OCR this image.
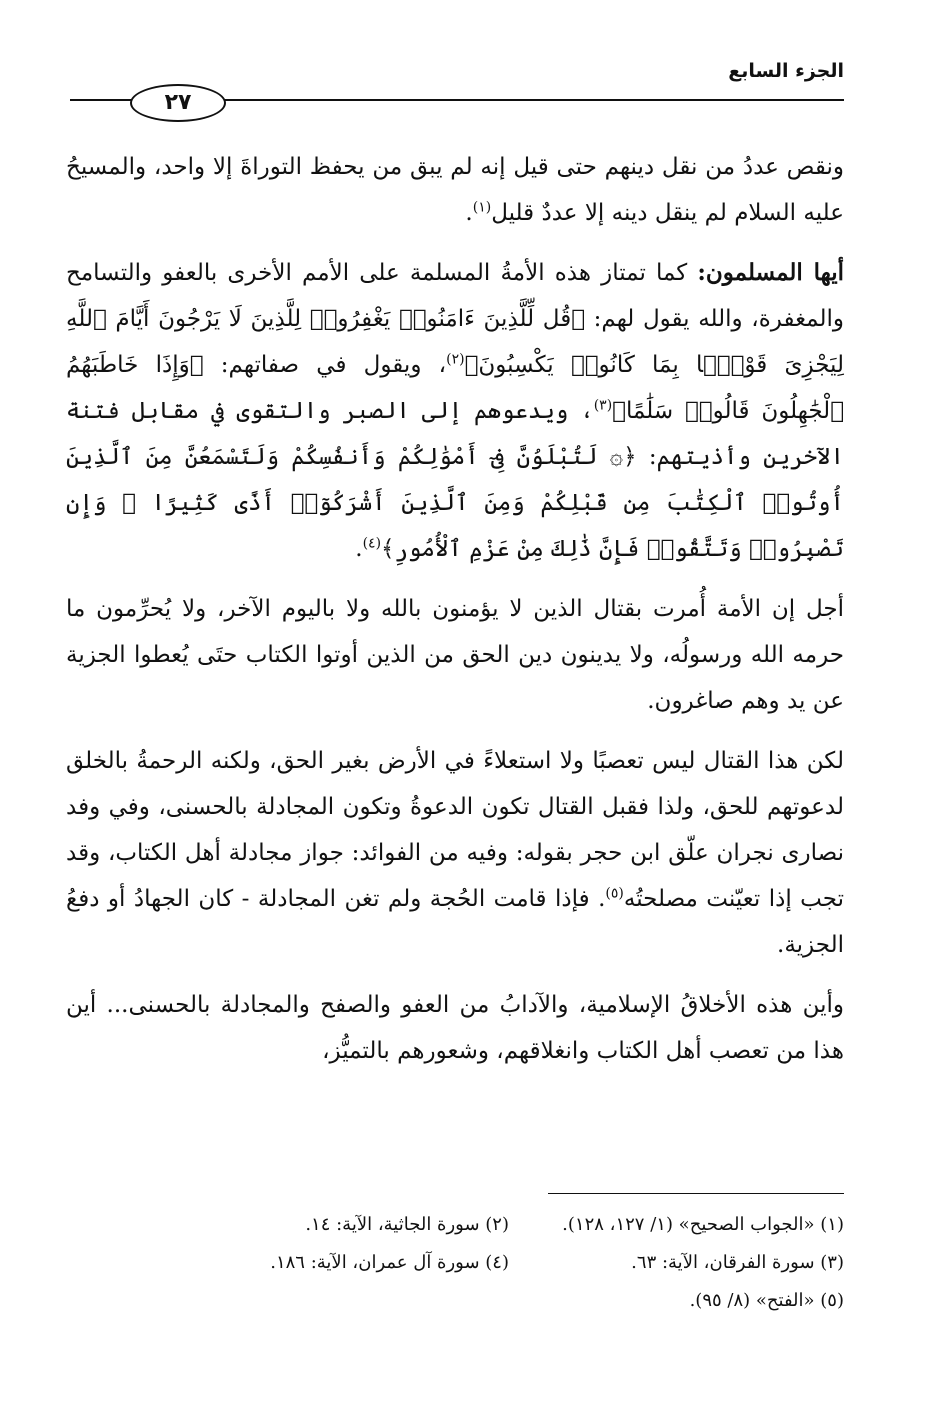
الجزء السابع
٢٧

ونقص عددُ من نقل دينهم حتى قيل إنه لم يبق من يحفظ التوراةَ إلا واحد، والمسيحُ عليه السلام لم ينقل دينه إلا عددٌ قليل$^{(١)}$.

أيها المسلمون: كما تمتاز هذه الأمةُ المسلمة على الأمم الأخرى بالعفو والتسامح والمغفرة، والله يقول لهم: ﴿قُل لِّلَّذِينَ ءَامَنُوا۟ يَغْفِرُوا۟ لِلَّذِينَ لَا يَرْجُونَ أَيَّامَ ٱللَّهِ لِيَجْزِىَ قَوْمًۢا بِمَا كَانُوا۟ يَكْسِبُونَ﴾$^{(٢)}$، ويقول في صفاتهم: ﴿وَإِذَا خَاطَبَهُمُ ٱلْجَٰهِلُونَ قَالُوا۟ سَلَٰمًا﴾$^{(٣)}$، ويدعوهم إلى الصبر والتقوى في مقابل فتنة الآخرين وأذيتهم: ﴿۞ لَتُبْلَوُنَّ فِىٓ أَمْوَٰلِكُمْ وَأَنفُسِكُمْ وَلَتَسْمَعُنَّ مِنَ ٱلَّذِينَ أُوتُوا۟ ٱلْكِتَٰبَ مِن قَبْلِكُمْ وَمِنَ ٱلَّذِينَ أَشْرَكُوٓا۟ أَذًى كَثِيرًا ۚ وَإِن تَصْبِرُوا۟ وَتَتَّقُوا۟ فَإِنَّ ذَٰلِكَ مِنْ عَزْمِ ٱلْأُمُورِ﴾$^{(٤)}$.

أجل إن الأمة أُمرت بقتال الذين لا يؤمنون بالله ولا باليوم الآخر، ولا يُحرِّمون ما حرمه الله ورسولُه، ولا يدينون دين الحق من الذين أوتوا الكتاب حتَى يُعطوا الجزية عن يد وهم صاغرون.

لكن هذا القتال ليس تعصبًا ولا استعلاءً في الأرض بغير الحق، ولكنه الرحمةُ بالخلق لدعوتهم للحق، ولذا فقبل القتال تكون الدعوةُ وتكون المجادلة بالحسنى، وفي وفد نصارى نجران علّق ابن حجر بقوله: وفيه من الفوائد: جواز مجادلة أهل الكتاب، وقد تجب إذا تعيّنت مصلحتُه$^{(٥)}$. فإذا قامت الحُجة ولم تغن المجادلة - كان الجهادُ أو دفعُ الجزية.

وأين هذه الأخلاقُ الإسلامية، والآدابُ من العفو والصفح والمجادلة بالحسنى... أين هذا من تعصب أهل الكتاب وانغلاقهم، وشعورهم بالتميُّز،

(١) «الجواب الصحيح» (١/ ١٢٧، ١٢٨).
(٢) سورة الجاثية، الآية: ١٤.
(٣) سورة الفرقان، الآية: ٦٣.
(٤) سورة آل عمران، الآية: ١٨٦.
(٥) «الفتح» (٨/ ٩٥).
